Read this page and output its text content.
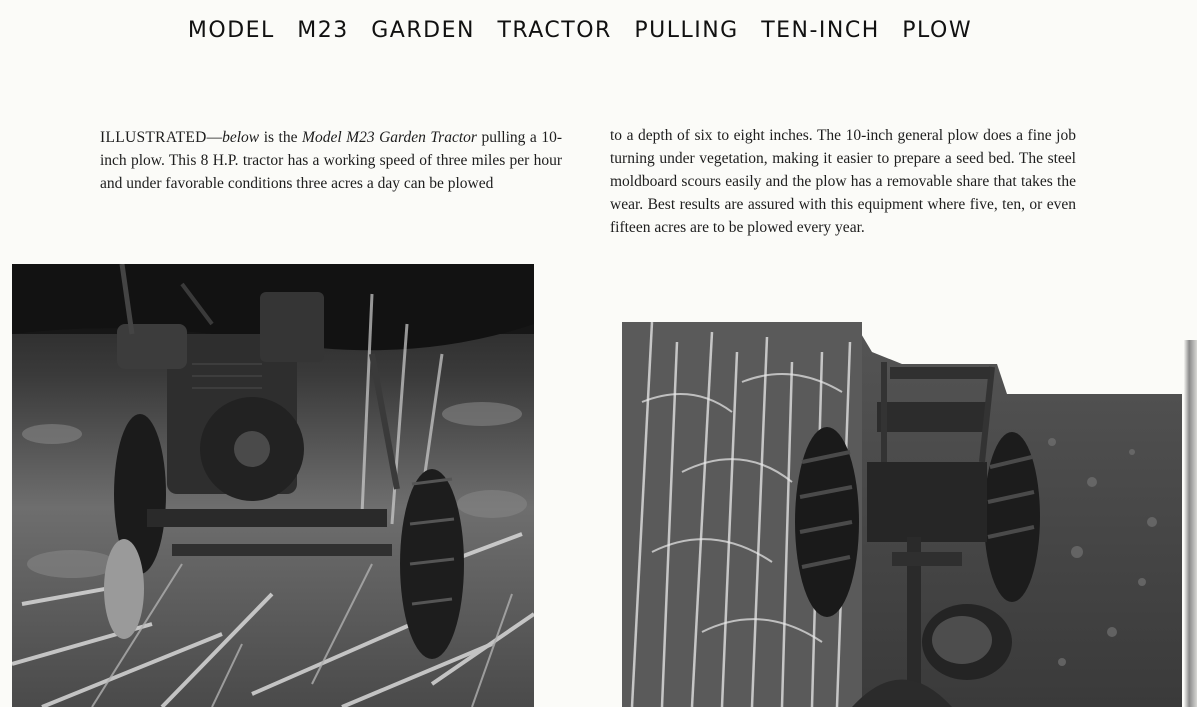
MODEL M23 GARDEN TRACTOR PULLING TEN-INCH PLOW
ILLUSTRATED—below is the Model M23 Garden Tractor pulling a 10-inch plow. This 8 H.P. tractor has a working speed of three miles per hour and under favorable conditions three acres a day can be plowed
to a depth of six to eight inches. The 10-inch general plow does a fine job turning under vegetation, making it easier to prepare a seed bed. The steel moldboard scours easily and the plow has a removable share that takes the wear. Best results are assured with this equipment where five, ten, or even fifteen acres are to be plowed every year.
